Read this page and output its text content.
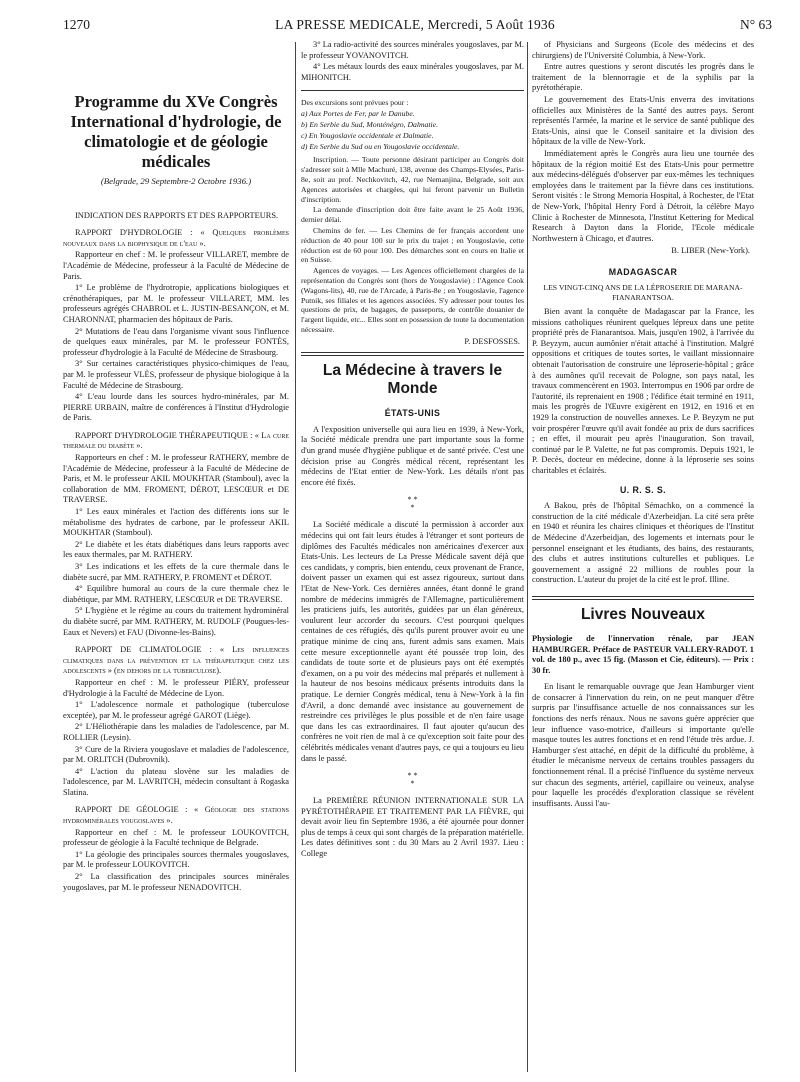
1270	LA PRESSE MEDICALE, Mercredi, 5 Août 1936	N° 63
Programme du XVe Congrès International d'hydrologie, de climatologie et de géologie médicales
(Belgrade, 29 Septembre-2 Octobre 1936.)

INDICATION DES RAPPORTS ET DES RAPPORTEURS.

RAPPORT D'HYDROLOGIE : « Quelques problèmes nouveaux dans la biophysique de l'eau ».

Rapporteur en chef : M. le professeur VILLARET, membre de l'Académie de Médecine, professeur à la Faculté de Médecine de Paris.

1° Le problème de l'hydrotropie, applications biologiques et crénothérapiques, par M. le professeur VILLARET, MM. les professeurs agrégés CHABROL et L. JUSTIN-BESANÇON, et M. CHARONNAT, pharmacien des hôpitaux de Paris.

2° Mutations de l'eau dans l'organisme vivant sous l'influence de quelques eaux minérales, par M. le professeur FONTÈS, professeur d'hydrologie à la Faculté de Médecine de Strasbourg.

3° Sur certaines caractéristiques physico-chimiques de l'eau, par M. le professeur VLÈS, professeur de physique biologique à la Faculté de Médecine de Strasbourg.

4° L'eau lourde dans les sources hydro-minérales, par M. PIERRE URBAIN, maître de conférences à l'Institut d'Hydrologie de Paris.

RAPPORT D'HYDROLOGIE THÉRAPEUTIQUE : « La cure thermale du diabète ».

Rapporteurs en chef : M. le professeur RATHERY, membre de l'Académie de Médecine, professeur à la Faculté de Médecine de Paris, et M. le professeur AKIL MOUKHTAR (Stamboul), avec la collaboration de MM. FROMENT, DÉROT, LESCŒUR et DE TRAVERSE.

1° Les eaux minérales et l'action des différents ions sur le métabolisme des hydrates de carbone, par le professeur AKIL MOUKHTAR (Stamboul).

2° Le diabète et les états diabétiques dans leurs rapports avec les eaux thermales, par M. RATHERY.

3° Les indications et les effets de la cure thermale dans le diabète sucré, par MM. RATHERY, P. FROMENT et DÉROT.

4° Equilibre humoral au cours de la cure thermale chez le diabétique, par MM. RATHERY, LESCŒUR et DE TRAVERSE.

5° L'hygiène et le régime au cours du traitement hydrominéral du diabète sucré, par MM. RATHERY, M. RUDOLF (Pougues-les-Eaux et Nevers) et FAU (Divonne-les-Bains).

RAPPORT DE CLIMATOLOGIE : « Les influences climatiques dans la prévention et la thérapeutique chez les adolescents » (en dehors de la tuberculose).

Rapporteur en chef : M. le professeur PIÉRY, professeur d'Hydrologie à la Faculté de Médecine de Lyon.

1° L'adolescence normale et pathologique (tuberculose exceptée), par M. le professeur agrégé GAROT (Liège).

2° L'Héliothérapie dans les maladies de l'adolescence, par M. ROLLIER (Leysin).

3° Cure de la Riviera yougoslave et maladies de l'adolescence, par M. ORLITCH (Dubrovnik).

4° L'action du plateau slovène sur les maladies de l'adolescence, par M. LAVRITCH, médecin consultant à Rogaska Slatina.

RAPPORT DE GÉOLOGIE : « Géologie des stations hydrominérales yougoslaves ».

Rapporteur en chef : M. le professeur LOUKOVITCH, professeur de géologie à la Faculté technique de Belgrade.

1° La géologie des principales sources thermales yougoslaves, par M. le professeur LOUKOVITCH.

2° La classification des principales sources minérales yougoslaves, par M. le professeur NENADOVITCH.

3° La radio-activité des sources minérales yougoslaves, par M. le professeur YOVANOVITCH.

4° Les métaux lourds des eaux minérales yougoslaves, par M. MIHONITCH.

Des excursions sont prévues pour :

a) Aux Portes de Fer, par le Danube.

b) En Serbie du Sud, Monténégro, Dalmatie.

c) En Yougoslavie occidentale et Dalmatie.

d) En Serbie du Sud ou en Yougoslavie occidentale.

Inscription. — Toute personne désirant participer au Congrès doit s'adresser soit à Mlle Machuré, 138, avenue des Champs-Elysées, Paris-8e, soit au prof. Nechkovitch, 42, rue Nemanjina, Belgrade, soit aux Agences autorisées et chargées, qui lui feront parvenir un Bulletin d'inscription.

La demande d'inscription doit être faite avant le 25 Août 1936, dernier délai.

Chemins de fer. — Les Chemins de fer français accordent une réduction de 40 pour 100 sur le prix du trajet ; en Yougoslavie, cette réduction est de 60 pour 100. Des démarches sont en cours en Italie et en Suisse.

Agences de voyages. — Les Agences officiellement chargées de la représentation du Congrès sont (hors de Yougoslavie) : l'Agence Cook (Wagons-lits), 40, rue de l'Arcade, à Paris-8e ; en Yougoslavie, l'agence Putnik, ses filiales et les agences associées. S'y adresser pour toutes les questions de prix, de bagages, de passeports, de contrôle douanier de l'argent liquide, etc... Elles sont en possession de toute la documentation nécessaire.

P. DESFOSSES.
La Médecine à travers le Monde
ÉTATS-UNIS

A l'exposition universelle qui aura lieu en 1939, à New-York, la Société médicale prendra une part importante sous la forme d'un grand musée d'hygiène publique et de santé privée. C'est une décision prise au Congrès médical récent, représentant les médecins de l'Etat entier de New-York. Les détails n'ont pas encore été fixés.

* *
*

La Société médicale a discuté la permission à accorder aux médecins qui ont fait leurs études à l'étranger et sont porteurs de diplômes des Facultés médicales non américaines d'exercer aux Etats-Unis. Les lecteurs de La Presse Médicale savent déjà que ces candidats, y compris, bien entendu, ceux provenant de France, doivent passer un examen qui est assez rigoureux, surtout dans l'Etat de New-York. Ces dernières années, étant donné le grand nombre de médecins immigrés de l'Allemagne, particulièrement les praticiens juifs, les autorités, guidées par un élan généreux, voulurent leur accorder du secours. C'est pourquoi quelques centaines de ces réfugiés, dès qu'ils purent prouver avoir eu une pratique minime de cinq ans, furent admis sans examen. Mais cette mesure exceptionnelle ayant été poussée trop loin, des candidats de toute sorte et de plusieurs pays ont été exemptés d'examen, on a pu voir des médecins mal préparés et nullement à la hauteur de nos besoins médicaux présents introduits dans la pratique. Le dernier Congrès médical, tenu à New-York à la fin d'Avril, a donc demandé avec insistance au gouvernement de restreindre ces privilèges le plus possible et de n'en faire usage que dans les cas extraordinaires. Il faut ajouter qu'aucun des confrères ne voit rien de mal à ce qu'exception soit faite pour des célébrités médicales venant d'autres pays, ce qui a toujours eu lieu dans le passé.

* *
*

La PREMIÈRE RÉUNION INTERNATIONALE SUR LA PYRÉTOTHÉRAPIE ET TRAITEMENT PAR LA FIÈVRE, qui devait avoir lieu fin Septembre 1936, a été ajournée pour donner plus de temps à ceux qui sont chargés de la préparation matérielle. Les dates définitives sont : du 30 Mars au 2 Avril 1937. Lieu : College

of Physicians and Surgeons (Ecole des médecins et des chirurgiens) de l'Université Columbia, à New-York.

Entre autres questions y seront discutés les progrès dans le traitement de la blennorragie et de la syphilis par la pyrétothérapie.

Le gouvernement des Etats-Unis enverra des invitations officielles aux Ministères de la Santé des autres pays. Seront représentés l'armée, la marine et le service de santé publique des Etats-Unis, ainsi que le Conseil sanitaire et la division des hôpitaux de la ville de New-York.

Immédiatement après le Congrès aura lieu une tournée des hôpitaux de la région moitié Est des Etats-Unis pour permettre aux médecins-délégués d'observer par eux-mêmes les techniques employées dans le traitement par la fièvre dans ces institutions. Seront visités : le Strong Memoria Hospital, à Rochester, de l'Etat de New-York, l'hôpital Henry Ford à Détroit, la célèbre Mayo Clinic à Rochester de Minnesota, l'Institut Kettering for Medical Research à Dayton dans la Floride, l'Ecole médicale Northwestern à Chicago, et d'autres.

B. LIBER (New-York).
MADAGASCAR
LES VINGT-CINQ ANS DE LA LÉPROSERIE DE MARANA-FIANARANTSOA.

Bien avant la conquête de Madagascar par la France, les missions catholiques réunirent quelques lépreux dans une petite propriété près de Fianarantsoa. Mais, jusqu'en 1902, à l'arrivée du P. Beyzym, aucun aumônier n'était attaché à l'institution. Malgré oppositions et critiques de toutes sortes, le vaillant missionnaire obtenait l'autorisation de construire une léproserie-hôpital ; grâce à des aumônes qu'il recevait de Pologne, son pays natal, les travaux commencèrent en 1903. Interrompus en 1906 par ordre de l'autorité, ils reprenaient en 1908 ; l'édifice était terminé en 1911, mais les progrès de l'Œuvre exigèrent en 1912, en 1916 et en 1929 la construction de nouvelles annexes. Le P. Beyzym ne put voir prospérer l'œuvre qu'il avait fondée au prix de durs sacrifices ; en effet, il mourait peu après l'inauguration. Son travail, continué par le P. Valette, ne fut pas compromis. Depuis 1921, le P. Decès, docteur en médecine, donne à la léproserie ses soins charitables et éclairés.

U. R. S. S.

A Bakou, près de l'hôpital Sémachko, on a commencé la construction de la cité médicale d'Azerbeidjan. La cité sera prête en 1940 et réunira les chaires cliniques et théoriques de l'Institut de Médecine d'Azerbeidjan, des logements et internats pour le personnel enseignant et les étudiants, des bains, des restaurants, des clubs et autres institutions culturelles et publiques. Le gouvernement a assigné 22 millions de roubles pour la construction. L'auteur du projet de la cité est le prof. Illine.

Livres Nouveaux

Physiologie de l'innervation rénale, par JEAN HAMBURGER. Préface de PASTEUR VALLERY-RADOT. 1 vol. de 180 p., avec 15 fig. (Masson et Cie, éditeurs). — Prix : 30 fr.

En lisant le remarquable ouvrage que Jean Hamburger vient de consacrer à l'innervation du rein, on ne peut manquer d'être surpris par l'insuffisance actuelle de nos connaissances sur les fonctions des nerfs rénaux. Nous ne savons guère apprécier que leur influence vaso-motrice, d'ailleurs si importante qu'elle masque toutes les autres fonctions et en rend l'étude très ardue. J. Hamburger s'est attaché, en dépit de la difficulté du problème, à étudier le mécanisme nerveux de certains troubles passagers du fonctionnement rénal. Il a précisé l'influence du système nerveux sur chacun des segments, artériel, capillaire ou veineux, analyse pour laquelle les procédés d'exploration classique se révèlent insuffisants. Aussi l'au-
